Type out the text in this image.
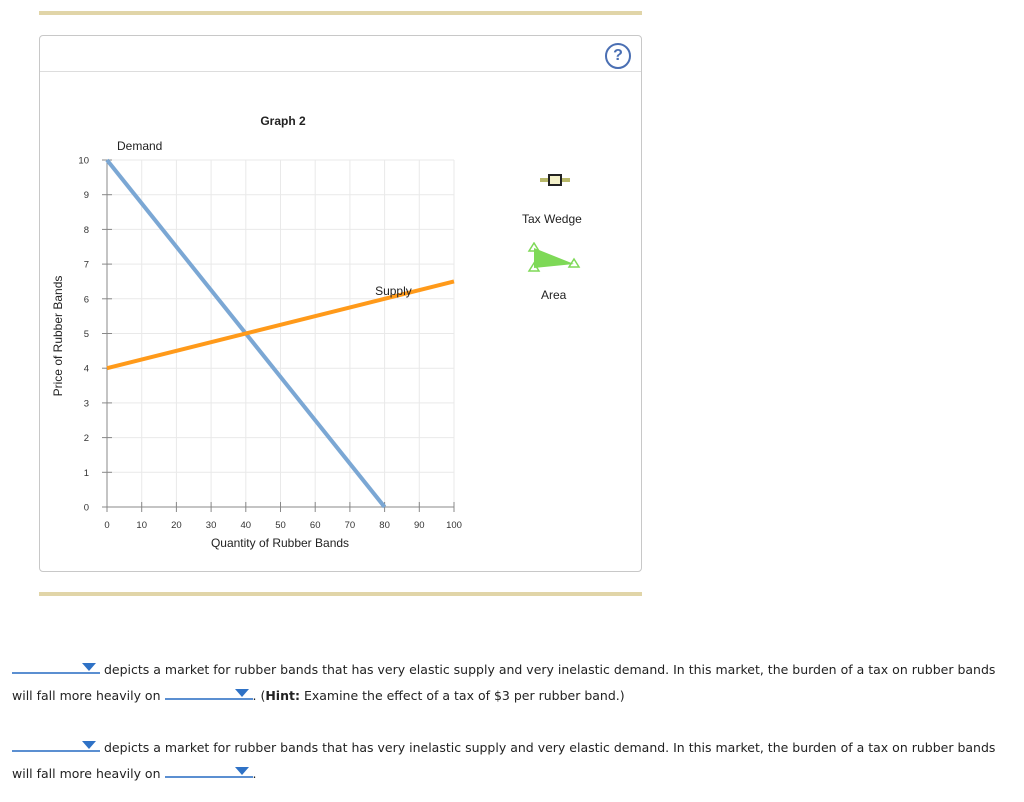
?
0	10	20	30	40	50	60	70	80	90 100
0
1
2
3
4
5
6
7
8
9
10
Demand
Supply
Graph 2
Quantity of Rubber Bands
Price of Rubber Bands
Tax Wedge
Area
depicts a market for rubber bands that has very elastic supply and very inelastic demand. In this market, the burden of a tax on rubber bands will fall more heavily on	. (Hint: Examine the effect of a tax of $3 per rubber band.)
depicts a market for rubber bands that has very inelastic supply and very elastic demand. In this market, the burden of a tax on rubber bands will fall more heavily on	.
